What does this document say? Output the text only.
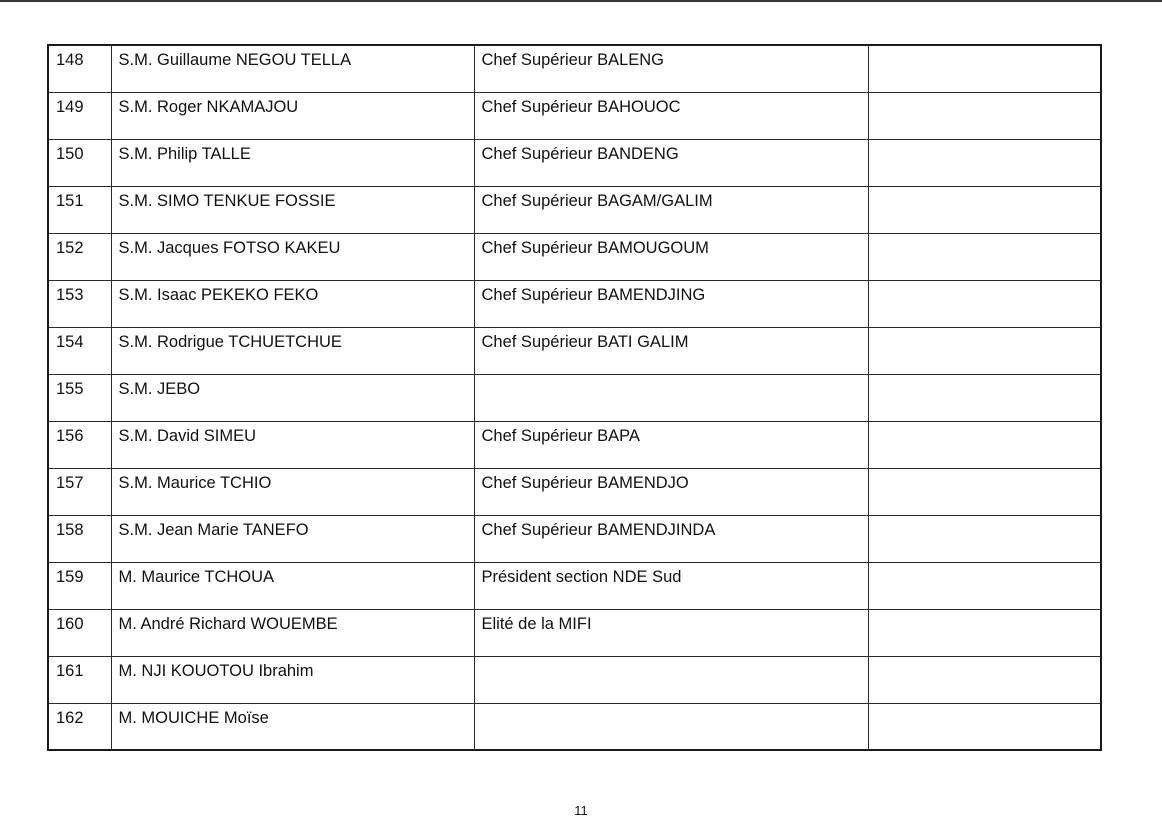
148	S.M. Guillaume NEGOU TELLA	Chef Supérieur BALENG	

149	S.M. Roger NKAMAJOU	Chef Supérieur BAHOUOC	

150	S.M. Philip TALLE	Chef Supérieur BANDENG	

151	S.M. SIMO TENKUE FOSSIE	Chef Supérieur BAGAM/GALIM	

152	S.M. Jacques FOTSO KAKEU	Chef Supérieur BAMOUGOUM	

153	S.M. Isaac PEKEKO FEKO	Chef Supérieur BAMENDJING	

154	S.M. Rodrigue TCHUETCHUE	Chef Supérieur BATI GALIM	

155	S.M. JEBO		

156	S.M. David SIMEU	Chef Supérieur BAPA	

157	S.M. Maurice TCHIO	Chef Supérieur BAMENDJO	

158	S.M. Jean Marie TANEFO	Chef Supérieur BAMENDJINDA	

159	M. Maurice TCHOUA	Président section NDE Sud	

160	M. André Richard WOUEMBE	Elité de la MIFI	

161	M. NJI KOUOTOU Ibrahim		

162	M. MOUICHE Moïse		

11
